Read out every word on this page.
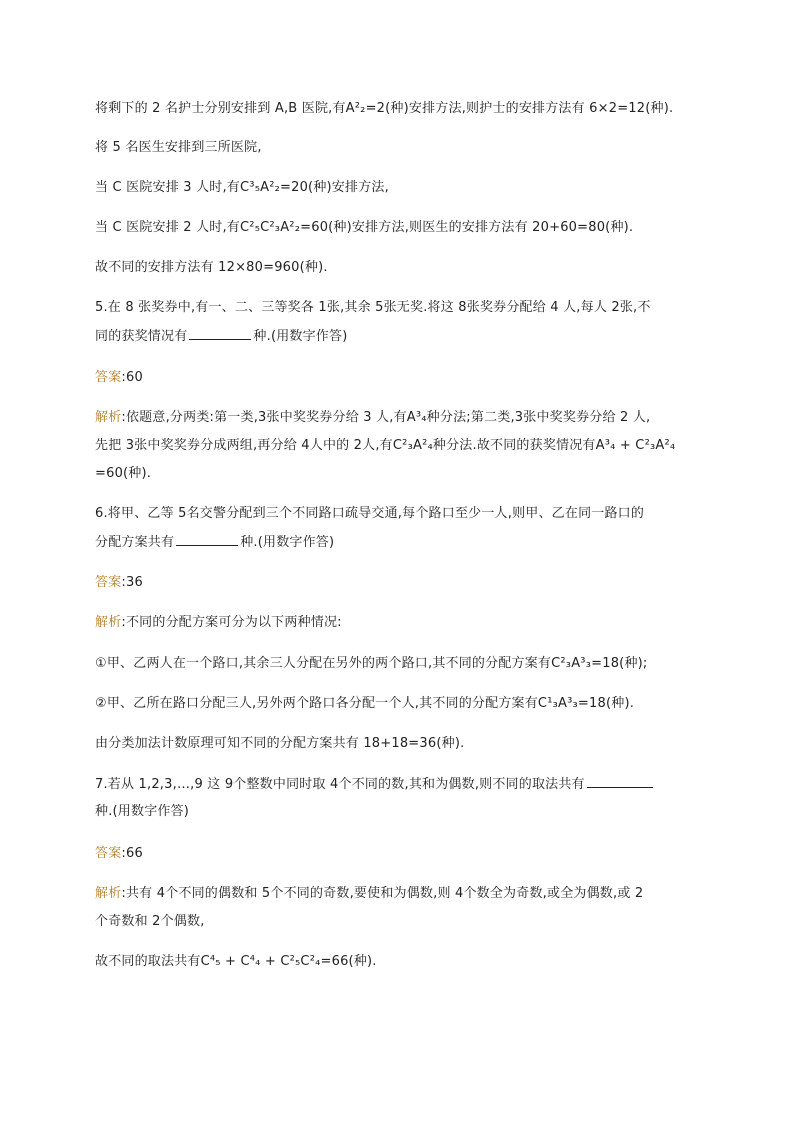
将剩下的 2 名护士分别安排到 A,B 医院,有A²₂=2(种)安排方法,则护士的安排方法有 6×2=12(种).
将 5 名医生安排到三所医院,
当 C 医院安排 3 人时,有C³₅A²₂=20(种)安排方法,
当 C 医院安排 2 人时,有C²₅C²₃A²₂=60(种)安排方法,则医生的安排方法有 20+60=80(种).
故不同的安排方法有 12×80=960(种).
5.在 8 张奖券中,有一、二、三等奖各 1张,其余 5张无奖.将这 8张奖券分配给 4 人,每人 2张,不
同的获奖情况有	种.(用数字作答)
答案:60
解析:依题意,分两类:第一类,3张中奖奖券分给 3 人,有A³₄种分法;第二类,3张中奖奖券分给 2 人,
先把 3张中奖奖券分成两组,再分给 4人中的 2人,有C²₃A²₄种分法.故不同的获奖情况有A³₄ + C²₃A²₄
=60(种).
6.将甲、乙等 5名交警分配到三个不同路口疏导交通,每个路口至少一人,则甲、乙在同一路口的
分配方案共有	种.(用数字作答)
答案:36
解析:不同的分配方案可分为以下两种情况:
①甲、乙两人在一个路口,其余三人分配在另外的两个路口,其不同的分配方案有C²₃A³₃=18(种);
②甲、乙所在路口分配三人,另外两个路口各分配一个人,其不同的分配方案有C¹₃A³₃=18(种).
由分类加法计数原理可知不同的分配方案共有 18+18=36(种).
7.若从 1,2,3,…,9 这 9个整数中同时取 4个不同的数,其和为偶数,则不同的取法共有
种.(用数字作答)
答案:66
解析:共有 4个不同的偶数和 5个不同的奇数,要使和为偶数,则 4个数全为奇数,或全为偶数,或 2
个奇数和 2个偶数,
故不同的取法共有C⁴₅ + C⁴₄ + C²₅C²₄=66(种).
